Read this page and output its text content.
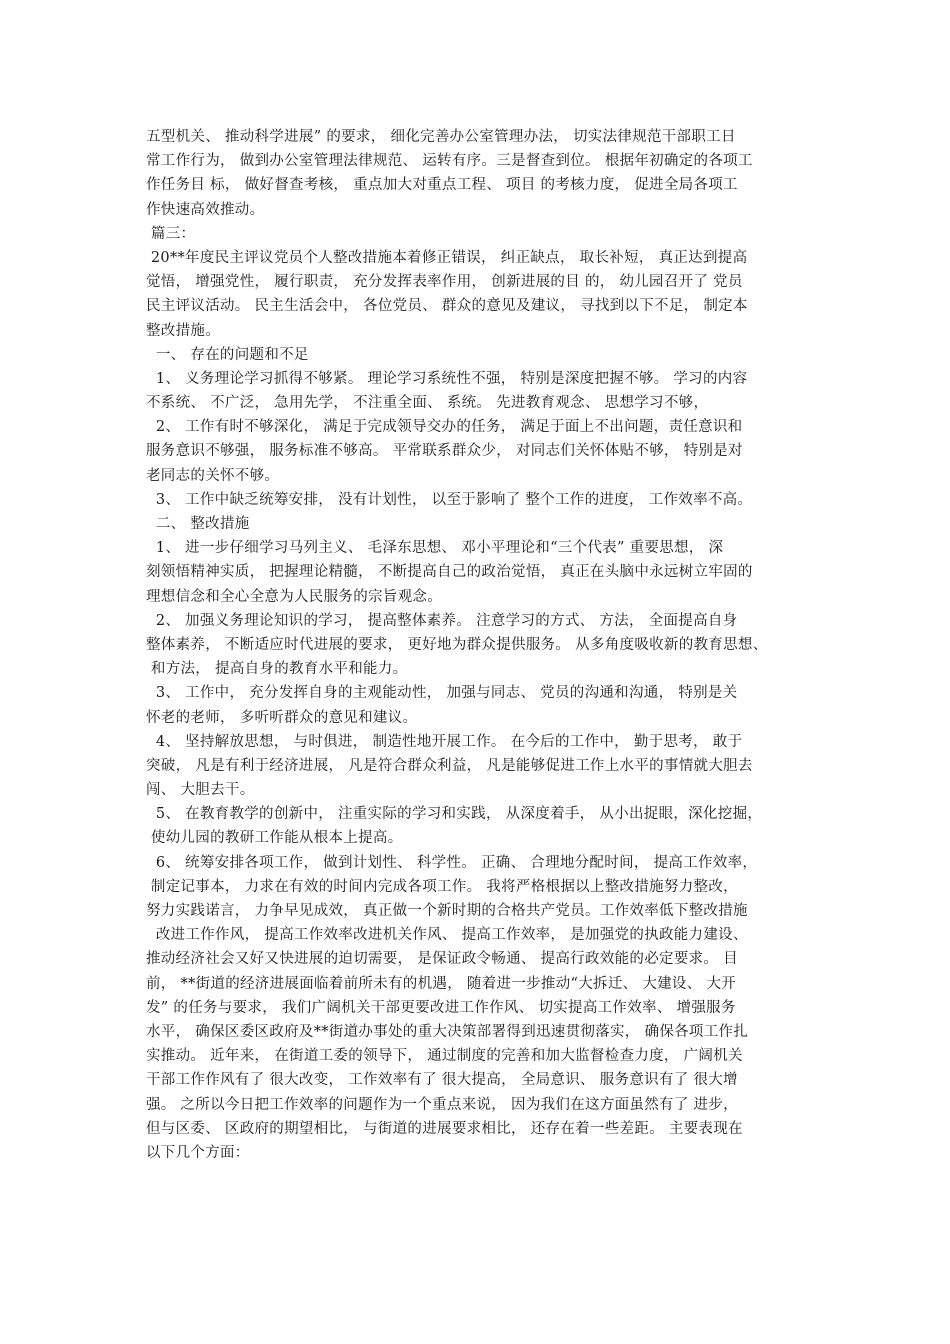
五型机关、 推动科学进展” 的要求， 细化完善办公室管理办法， 切实法律规范干部职工日
常工作行为， 做到办公室管理法律规范、 运转有序。三是督查到位。 根据年初确定的各项工
作任务目 标， 做好督查考核， 重点加大对重点工程、 项目 的考核力度， 促进全局各项工
作快速高效推动。
篇三：
20**年度民主评议党员个人整改措施本着修正错误， 纠正缺点， 取长补短， 真正达到提高
觉悟， 增强党性， 履行职责， 充分发挥表率作用， 创新进展的目 的， 幼儿园召开了 党员
民主评议活动。 民主生活会中， 各位党员、 群众的意见及建议， 寻找到以下不足， 制定本
整改措施。
一、 存在的问题和不足
1、 义务理论学习抓得不够紧。 理论学习系统性不强， 特别是深度把握不够。 学习的内容
不系统、 不广泛， 急用先学， 不注重全面、 系统。 先进教育观念、 思想学习不够，
2、 工作有时不够深化， 满足于完成领导交办的任务， 满足于面上不出问题，责任意识和
服务意识不够强， 服务标准不够高。 平常联系群众少， 对同志们关怀体贴不够， 特别是对
老同志的关怀不够。
3、 工作中缺乏统筹安排， 没有计划性， 以至于影响了 整个工作的进度， 工作效率不高。
二、 整改措施
1、 进一步仔细学习马列主义、 毛泽东思想、 邓小平理论和“三个代表” 重要思想， 深
刻领悟精神实质， 把握理论精髓， 不断提高自己的政治觉悟， 真正在头脑中永远树立牢固的
理想信念和全心全意为人民服务的宗旨观念。
2、 加强义务理论知识的学习， 提高整体素养。 注意学习的方式、 方法， 全面提高自身
整体素养， 不断适应时代进展的要求， 更好地为群众提供服务。 从多角度吸收新的教育思想、
和方法， 提高自身的教育水平和能力。
3、 工作中， 充分发挥自身的主观能动性， 加强与同志、 党员的沟通和沟通， 特别是关
怀老的老师， 多听听群众的意见和建议。
4、 坚持解放思想， 与时俱进， 制造性地开展工作。 在今后的工作中， 勤于思考， 敢于
突破， 凡是有利于经济进展， 凡是符合群众利益， 凡是能够促进工作上水平的事情就大胆去
闯、 大胆去干。
5、 在教育教学的创新中， 注重实际的学习和实践， 从深度着手， 从小出捉眼，深化挖掘，
使幼儿园的教研工作能从根本上提高。
6、 统筹安排各项工作， 做到计划性、 科学性。 正确、 合理地分配时间， 提高工作效率，
制定记事本， 力求在有效的时间内完成各项工作。 我将严格根据以上整改措施努力整改，
努力实践诺言， 力争早见成效， 真正做一个新时期的合格共产党员。工作效率低下整改措施
改进工作作风， 提高工作效率改进机关作风、 提高工作效率， 是加强党的执政能力建设、
推动经济社会又好又快进展的迫切需要， 是保证政令畅通、 提高行政效能的必定要求。 目
前， **街道的经济进展面临着前所未有的机遇， 随着进一步推动“大拆迁、 大建设、 大开
发” 的任务与要求， 我们广阔机关干部更要改进工作作风、 切实提高工作效率、 增强服务
水平， 确保区委区政府及**街道办事处的重大决策部署得到迅速贯彻落实， 确保各项工作扎
实推动。 近年来， 在街道工委的领导下， 通过制度的完善和加大监督检查力度， 广阔机关
干部工作作风有了 很大改变， 工作效率有了 很大提高， 全局意识、 服务意识有了 很大增
强。 之所以今日把工作效率的问题作为一个重点来说， 因为我们在这方面虽然有了 进步，
但与区委、 区政府的期望相比， 与街道的进展要求相比， 还存在着一些差距。 主要表现在
以下几个方面：
